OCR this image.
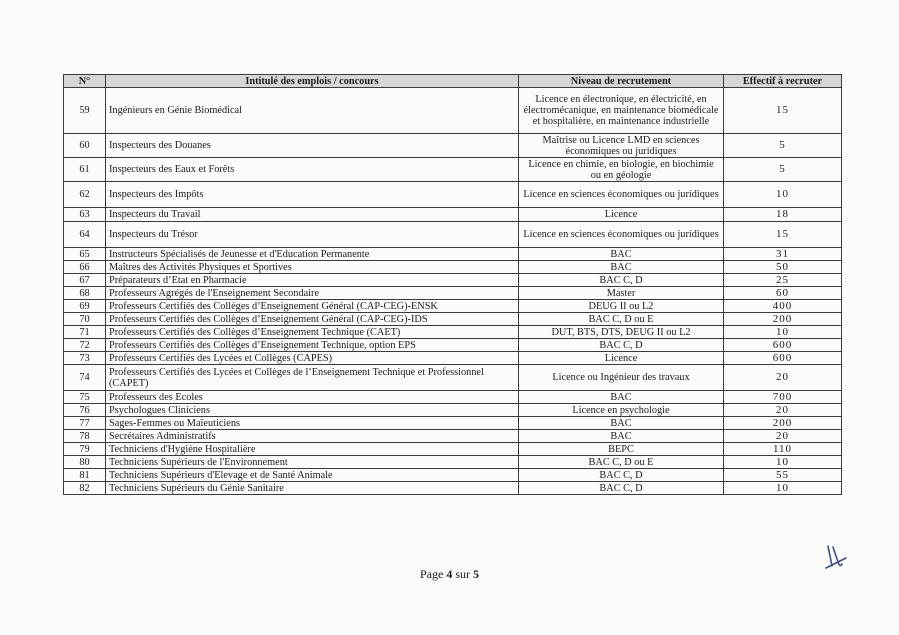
N°	Intitulé des emplois / concours	Niveau de recrutement	Effectif à recruter
59	Ingénieurs en Génie Biomédical	Licence en électronique, en électricité, en électromécanique, en maintenance biomédicale et hospitalière, en maintenance industrielle	15
60	Inspecteurs des Douanes	Maîtrise ou Licence LMD en sciences économiques ou juridiques	5
61	Inspecteurs des Eaux et Forêts	Licence en chimie, en biologie, en biochimie ou en géologie	5
62	Inspecteurs des Impôts	Licence en sciences économiques ou juridiques	10
63	Inspecteurs du Travail	Licence	18
64	Inspecteurs du Trésor	Licence en sciences économiques ou juridiques	15
65	Instructeurs Spécialisés de Jeunesse et d'Education Permanente	BAC	31
66	Maîtres des Activités Physiques et Sportives	BAC	50
67	Préparateurs d’Etat en Pharmacie	BAC C, D	25
68	Professeurs Agrégés de l'Enseignement Secondaire	Master	60
69	Professeurs Certifiés des Collèges d’Enseignement Général (CAP-CEG)-ENSK	DEUG II ou L2	400
70	Professeurs Certifiés des Collèges d’Enseignement Général (CAP-CEG)-IDS	BAC C, D ou E	200
71	Professeurs Certifiés des Collèges d’Enseignement Technique (CAET)	DUT, BTS, DTS, DEUG II ou L2	10
72	Professeurs Certifiés des Collèges d’Enseignement Technique, option EPS	BAC C, D	600
73	Professeurs Certifiés des Lycées et Collèges (CAPES)	Licence	600
74	Professeurs Certifiés des Lycées et Collèges de l’Enseignement Technique et Professionnel (CAPET)	Licence ou Ingénieur des travaux	20
75	Professeurs des Ecoles	BAC	700
76	Psychologues Cliniciens	Licence en psychologie	20
77	Sages-Femmes ou Maïeuticiens	BAC	200
78	Secrétaires Administratifs	BAC	20
79	Techniciens d'Hygiène Hospitalière	BEPC	110
80	Techniciens Supérieurs de l'Environnement	BAC C, D ou E	10
81	Techniciens Supérieurs d'Elevage et de Santé Animale	BAC C, D	55
82	Techniciens Supérieurs du Génie Sanitaire	BAC C, D	10
Page 4 sur 5
